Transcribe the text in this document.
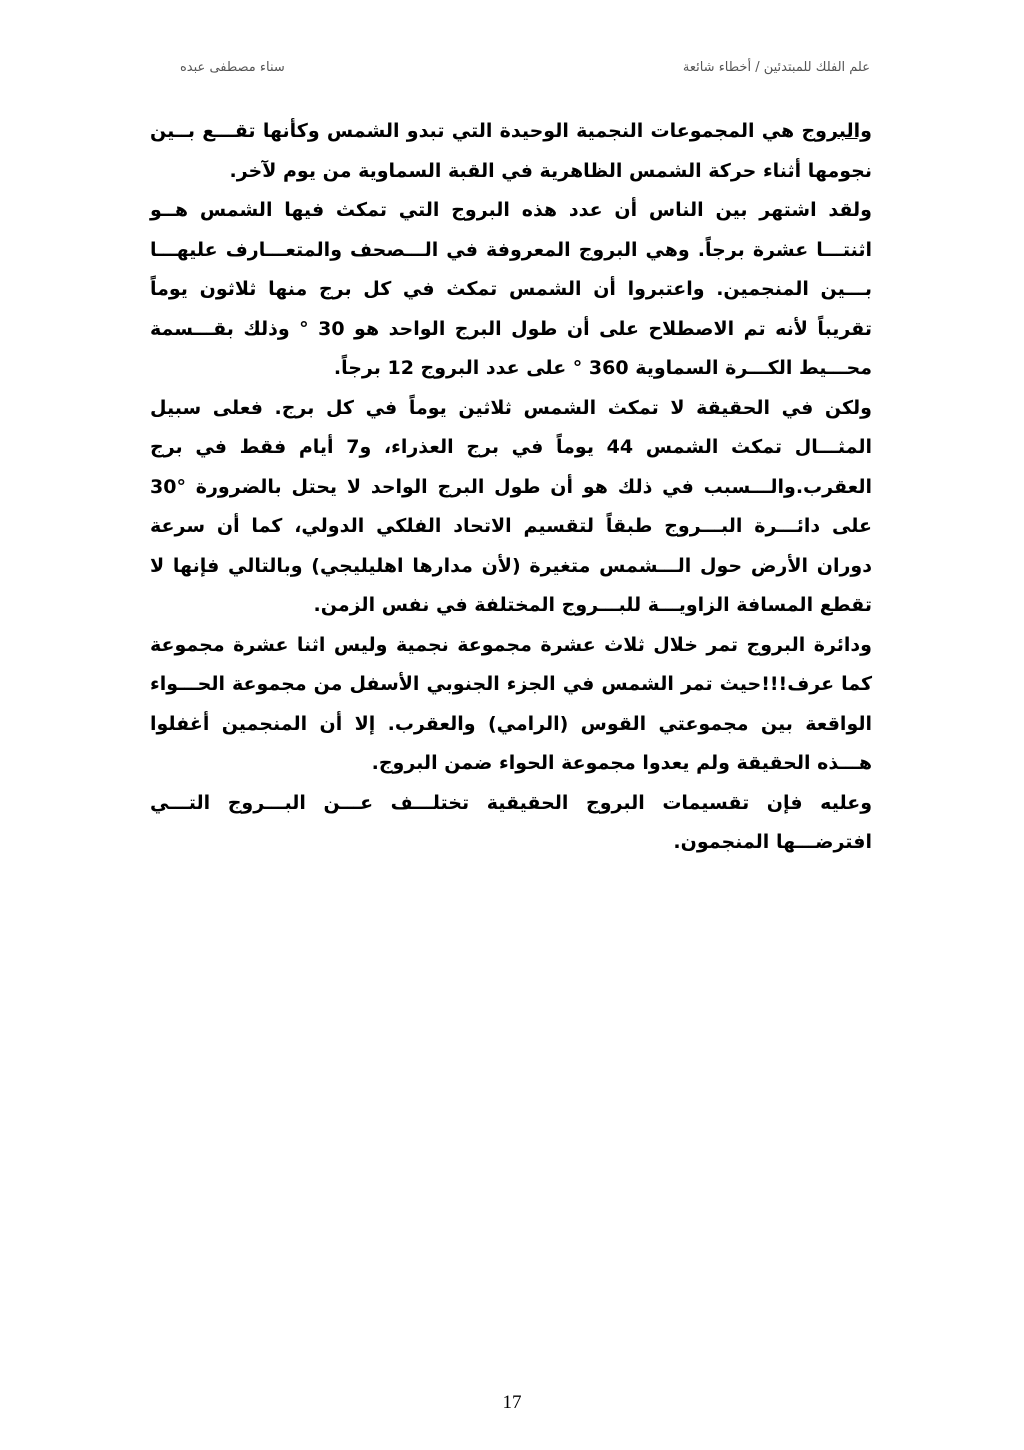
علم الفلك للمبتدئين / أخطاء شائعة
سناء مصطفى عبده

والبروج هي المجموعات النجمية الوحيدة التي تبدو الشمس وكأنها تقـــع بــين نجومها أثناء حركة الشمس الظاهرية في القبة السماوية من يوم لآخر.

ولقد اشتهر بين الناس أن عدد هذه البروج التي تمكث فيها الشمس هــو اثنتـــا عشرة برجاً. وهي البروج المعروفة في الـــصحف والمتعـــارف عليهـــا بـــين المنجمين. واعتبروا أن الشمس تمكث في كل برج منها ثلاثون يوماً تقريباً لأنه تم الاصطلاح على أن طول البرج الواحد هو 30 ° وذلك بقـــسمة محـــيط الكـــرة السماوية 360 ° على عدد البروج 12 برجاً.

ولكن في الحقيقة لا تمكث الشمس ثلاثين يوماً في كل برج. فعلى سبيل المثـــال تمكث الشمس 44 يوماً في برج العذراء، و7 أيام فقط في برج العقرب.والـــسبب في ذلك هو أن طول البرج الواحد لا يحتل بالضرورة °30 على دائـــرة البـــروج طبقاً لتقسيم الاتحاد الفلكي الدولي، كما أن سرعة دوران الأرض حول الـــشمس متغيرة (لأن مدارها اهليليجي) وبالتالي فإنها لا تقطع المسافة الزاويـــة للبـــروج المختلفة في نفس الزمن.

ودائرة البروج تمر خلال ثلاث عشرة مجموعة نجمية وليس اثنا عشرة مجموعة كما عرف!!!حيث تمر الشمس في الجزء الجنوبي الأسفل من مجموعة الحـــواء الواقعة بين مجموعتي القوس (الرامي) والعقرب. إلا أن المنجمين أغفلوا هـــذه الحقيقة ولم يعدوا مجموعة الحواء ضمن البروج.

وعليه فإن تقسيمات البروج الحقيقية تختلـــف عـــن البـــروج التـــي افترضـــها المنجمون.

17
